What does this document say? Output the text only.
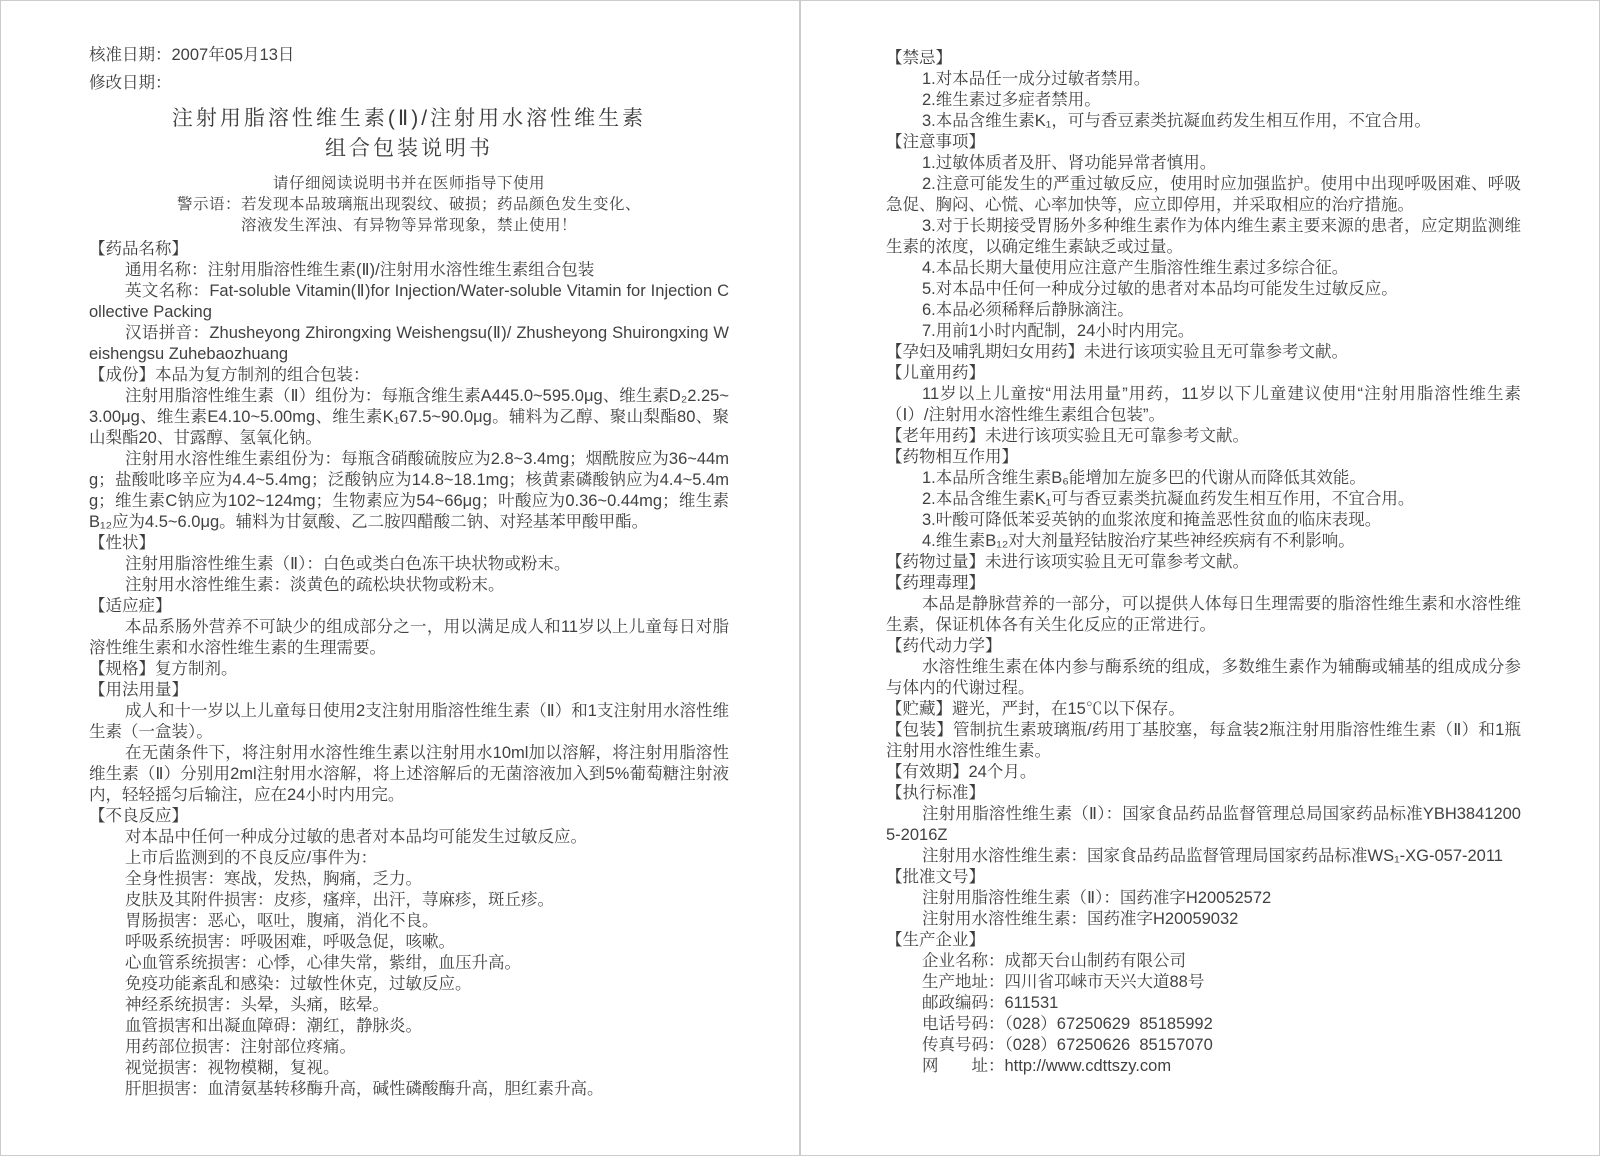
核准日期：2007年05月13日
修改日期：
注射用脂溶性维生素(Ⅱ)/注射用水溶性维生素
组合包装说明书
请仔细阅读说明书并在医师指导下使用
警示语：若发现本品玻璃瓶出现裂纹、破损；药品颜色发生变化、
溶液发生浑浊、有异物等异常现象，禁止使用！
【药品名称】
通用名称：注射用脂溶性维生素(Ⅱ)/注射用水溶性维生素组合包装
英文名称：Fat-soluble Vitamin(Ⅱ)for Injection/Water-soluble Vitamin for Injection Collective Packing
汉语拼音：Zhusheyong Zhirongxing Weishengsu(Ⅱ)/ Zhusheyong Shuirongxing Weishengsu Zuhebaozhuang
【成份】本品为复方制剂的组合包装：
注射用脂溶性维生素（Ⅱ）组份为：每瓶含维生素A445.0~595.0μg、维生素D₂2.25~3.00μg、维生素E4.10~5.00mg、维生素K₁67.5~90.0μg。辅料为乙醇、聚山梨酯80、聚山梨酯20、甘露醇、氢氧化钠。
注射用水溶性维生素组份为：每瓶含硝酸硫胺应为2.8~3.4mg；烟酰胺应为36~44mg；盐酸吡哆辛应为4.4~5.4mg；泛酸钠应为14.8~18.1mg；核黄素磷酸钠应为4.4~5.4mg；维生素C钠应为102~124mg；生物素应为54~66μg；叶酸应为0.36~0.44mg；维生素B₁₂应为4.5~6.0μg。辅料为甘氨酸、乙二胺四醋酸二钠、对羟基苯甲酸甲酯。
【性状】
注射用脂溶性维生素（Ⅱ）：白色或类白色冻干块状物或粉末。
注射用水溶性维生素：淡黄色的疏松块状物或粉末。
【适应症】
本品系肠外营养不可缺少的组成部分之一，用以满足成人和11岁以上儿童每日对脂溶性维生素和水溶性维生素的生理需要。
【规格】复方制剂。
【用法用量】
成人和十一岁以上儿童每日使用2支注射用脂溶性维生素（Ⅱ）和1支注射用水溶性维生素（一盒装）。
在无菌条件下，将注射用水溶性维生素以注射用水10ml加以溶解，将注射用脂溶性维生素（Ⅱ）分别用2ml注射用水溶解，将上述溶解后的无菌溶液加入到5%葡萄糖注射液内，轻轻摇匀后输注，应在24小时内用完。
【不良反应】
对本品中任何一种成分过敏的患者对本品均可能发生过敏反应。
上市后监测到的不良反应/事件为：
全身性损害：寒战，发热，胸痛，乏力。
皮肤及其附件损害：皮疹，瘙痒，出汗，荨麻疹，斑丘疹。
胃肠损害：恶心，呕吐，腹痛，消化不良。
呼吸系统损害：呼吸困难，呼吸急促，咳嗽。
心血管系统损害：心悸，心律失常，紫绀，血压升高。
免疫功能紊乱和感染：过敏性休克，过敏反应。
神经系统损害：头晕，头痛，眩晕。
血管损害和出凝血障碍：潮红，静脉炎。
用药部位损害：注射部位疼痛。
视觉损害：视物模糊，复视。
肝胆损害：血清氨基转移酶升高，碱性磷酸酶升高，胆红素升高。
【禁忌】
1.对本品任一成分过敏者禁用。
2.维生素过多症者禁用。
3.本品含维生素K₁，可与香豆素类抗凝血药发生相互作用，不宜合用。
【注意事项】
1.过敏体质者及肝、肾功能异常者慎用。
2.注意可能发生的严重过敏反应，使用时应加强监护。使用中出现呼吸困难、呼吸急促、胸闷、心慌、心率加快等，应立即停用，并采取相应的治疗措施。
3.对于长期接受胃肠外多种维生素作为体内维生素主要来源的患者，应定期监测维生素的浓度，以确定维生素缺乏或过量。
4.本品长期大量使用应注意产生脂溶性维生素过多综合征。
5.对本品中任何一种成分过敏的患者对本品均可能发生过敏反应。
6.本品必须稀释后静脉滴注。
7.用前1小时内配制，24小时内用完。
【孕妇及哺乳期妇女用药】未进行该项实验且无可靠参考文献。
【儿童用药】
11岁以上儿童按“用法用量”用药，11岁以下儿童建议使用“注射用脂溶性维生素（Ⅰ）/注射用水溶性维生素组合包装”。
【老年用药】未进行该项实验且无可靠参考文献。
【药物相互作用】
1.本品所含维生素B₆能增加左旋多巴的代谢从而降低其效能。
2.本品含维生素K₁可与香豆素类抗凝血药发生相互作用，不宜合用。
3.叶酸可降低苯妥英钠的血浆浓度和掩盖恶性贫血的临床表现。
4.维生素B₁₂对大剂量羟钴胺治疗某些神经疾病有不利影响。
【药物过量】未进行该项实验且无可靠参考文献。
【药理毒理】
本品是静脉营养的一部分，可以提供人体每日生理需要的脂溶性维生素和水溶性维生素，保证机体各有关生化反应的正常进行。
【药代动力学】
水溶性维生素在体内参与酶系统的组成，多数维生素作为辅酶或辅基的组成成分参与体内的代谢过程。
【贮藏】避光，严封，在15℃以下保存。
【包装】管制抗生素玻璃瓶/药用丁基胶塞，每盒装2瓶注射用脂溶性维生素（Ⅱ）和1瓶注射用水溶性维生素。
【有效期】24个月。
【执行标准】
注射用脂溶性维生素（Ⅱ）：国家食品药品监督管理总局国家药品标准YBH38412005-2016Z
注射用水溶性维生素：国家食品药品监督管理局国家药品标准WS₁-XG-057-2011
【批准文号】
注射用脂溶性维生素（Ⅱ）：国药准字H20052572
注射用水溶性维生素：国药准字H20059032
【生产企业】
企业名称：成都天台山制药有限公司
生产地址：四川省邛崃市天兴大道88号
邮政编码：611531
电话号码：（028）67250629  85185992
传真号码：（028）67250626  85157070
网　　址：http://www.cdttszy.com
